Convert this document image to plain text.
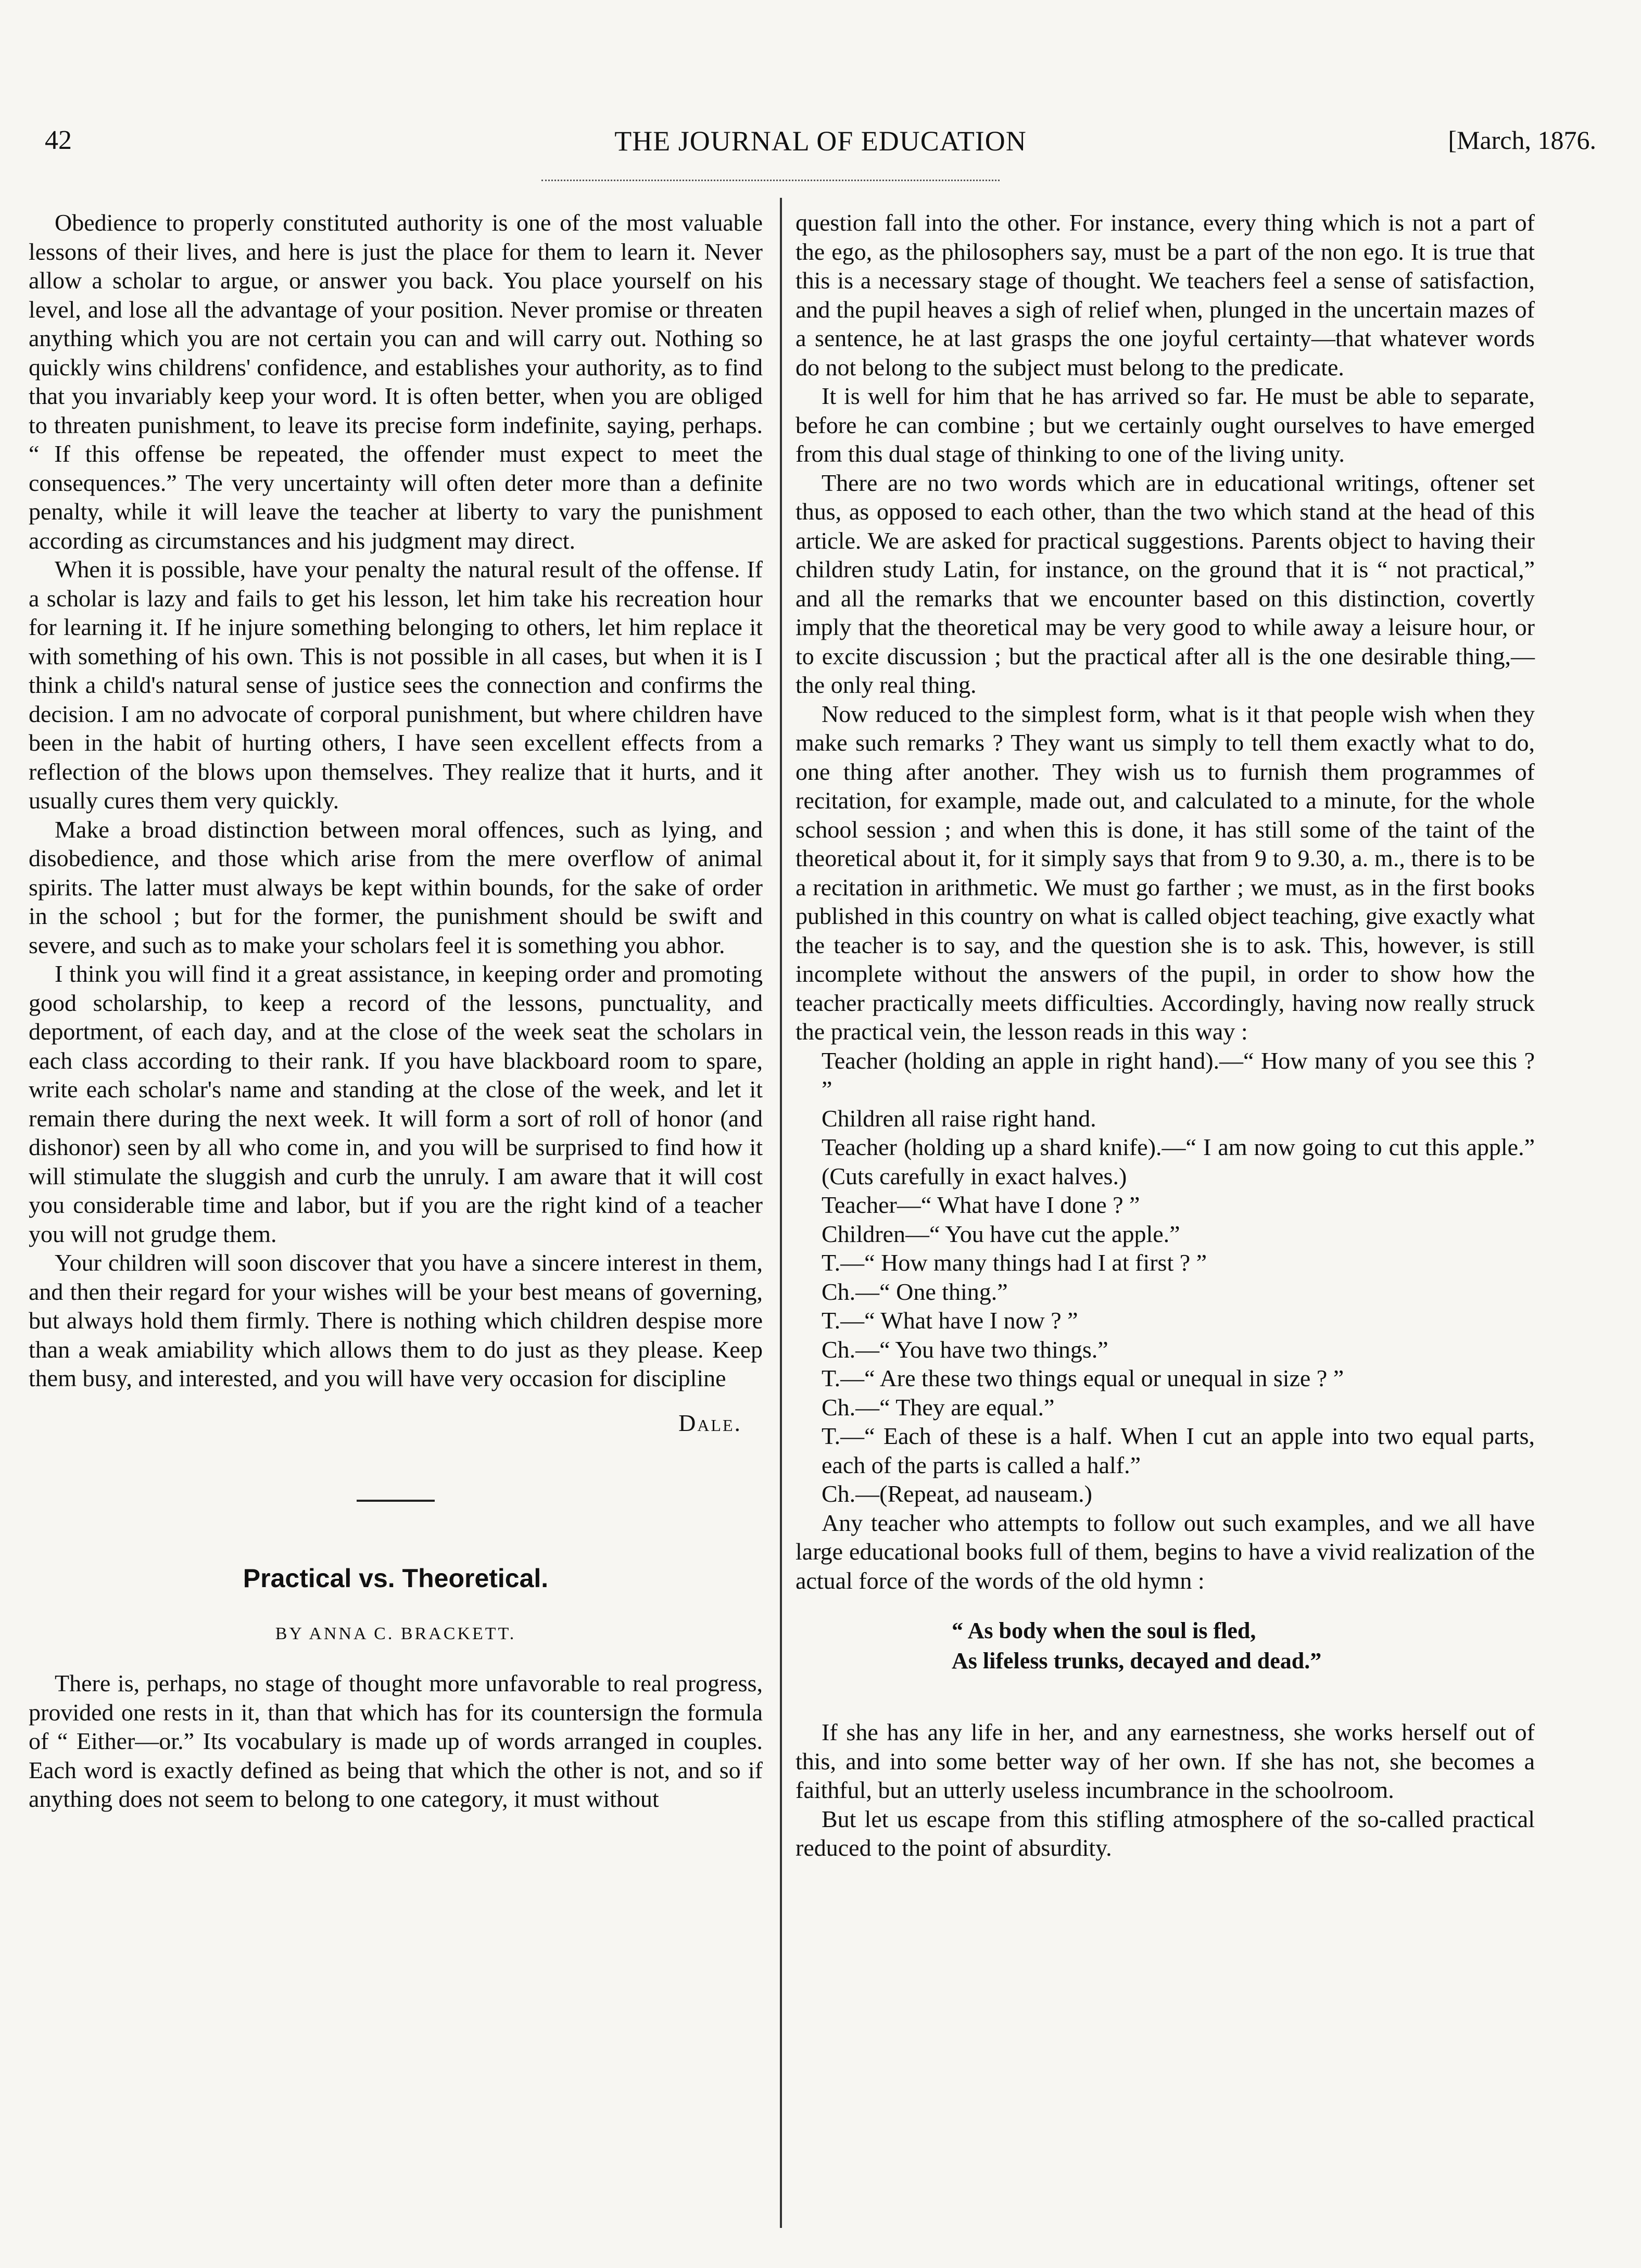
42	THE JOURNAL OF EDUCATION	[March, 1876.

Obedience to properly constituted authority is one of the most valuable lessons of their lives, and here is just the place for them to learn it. Never allow a scholar to argue, or answer you back. You place yourself on his level, and lose all the advantage of your position. Never promise or threaten anything which you are not certain you can and will carry out. Nothing so quickly wins childrens' confidence, and establishes your authority, as to find that you invariably keep your word. It is often better, when you are obliged to threaten punishment, to leave its precise form indefinite, saying, perhaps. “ If this offense be repeated, the offender must expect to meet the consequences.” The very uncertainty will often deter more than a definite penalty, while it will leave the teacher at liberty to vary the punishment according as circumstances and his judgment may direct.

When it is possible, have your penalty the natural result of the offense. If a scholar is lazy and fails to get his lesson, let him take his recreation hour for learning it. If he injure something belonging to others, let him replace it with something of his own. This is not possible in all cases, but when it is I think a child's natural sense of justice sees the connection and confirms the decision. I am no advocate of corporal punishment, but where children have been in the habit of hurting others, I have seen excellent effects from a reflection of the blows upon themselves. They realize that it hurts, and it usually cures them very quickly.

Make a broad distinction between moral offences, such as lying, and disobedience, and those which arise from the mere overflow of animal spirits. The latter must always be kept within bounds, for the sake of order in the school ; but for the former, the punishment should be swift and severe, and such as to make your scholars feel it is something you abhor.

I think you will find it a great assistance, in keeping order and promoting good scholarship, to keep a record of the lessons, punctuality, and deportment, of each day, and at the close of the week seat the scholars in each class according to their rank. If you have blackboard room to spare, write each scholar's name and standing at the close of the week, and let it remain there during the next week. It will form a sort of roll of honor (and dishonor) seen by all who come in, and you will be surprised to find how it will stimulate the sluggish and curb the unruly. I am aware that it will cost you considerable time and labor, but if you are the right kind of a teacher you will not grudge them.

Your children will soon discover that you have a sincere interest in them, and then their regard for your wishes will be your best means of governing, but always hold them firmly. There is nothing which children despise more than a weak amiability which allows them to do just as they please. Keep them busy, and interested, and you will have very occasion for discipline

Dale.
Practical vs. Theoretical.
BY ANNA C. BRACKETT.

There is, perhaps, no stage of thought more unfavorable to real progress, provided one rests in it, than that which has for its countersign the formula of “ Either—or.” Its vocabulary is made up of words arranged in couples. Each word is exactly defined as being that which the other is not, and so if anything does not seem to belong to one category, it must without

question fall into the other. For instance, every thing which is not a part of the ego, as the philosophers say, must be a part of the non ego. It is true that this is a necessary stage of thought. We teachers feel a sense of satisfaction, and the pupil heaves a sigh of relief when, plunged in the uncertain mazes of a sentence, he at last grasps the one joyful certainty—that whatever words do not belong to the subject must belong to the predicate.

It is well for him that he has arrived so far. He must be able to separate, before he can combine ; but we certainly ought ourselves to have emerged from this dual stage of thinking to one of the living unity.

There are no two words which are in educational writings, oftener set thus, as opposed to each other, than the two which stand at the head of this article. We are asked for practical suggestions. Parents object to having their children study Latin, for instance, on the ground that it is “ not practical,” and all the remarks that we encounter based on this distinction, covertly imply that the theoretical may be very good to while away a leisure hour, or to excite discussion ; but the practical after all is the one desirable thing,—the only real thing.

Now reduced to the simplest form, what is it that people wish when they make such remarks ? They want us simply to tell them exactly what to do, one thing after another. They wish us to furnish them programmes of recitation, for example, made out, and calculated to a minute, for the whole school session ; and when this is done, it has still some of the taint of the theoretical about it, for it simply says that from 9 to 9.30, a. m., there is to be a recitation in arithmetic. We must go farther ; we must, as in the first books published in this country on what is called object teaching, give exactly what the teacher is to say, and the question she is to ask. This, however, is still incomplete without the answers of the pupil, in order to show how the teacher practically meets difficulties. Accordingly, having now really struck the practical vein, the lesson reads in this way :

Teacher (holding an apple in right hand).—“ How many of you see this ? ”

Children all raise right hand.

Teacher (holding up a shard knife).—“ I am now going to cut this apple.” (Cuts carefully in exact halves.)

Teacher—“ What have I done ? ”

Children—“ You have cut the apple.”

T.—“ How many things had I at first ? ”

Ch.—“ One thing.”

T.—“ What have I now ? ”

Ch.—“ You have two things.”

T.—“ Are these two things equal or unequal in size ? ”

Ch.—“ They are equal.”

T.—“ Each of these is a half. When I cut an apple into two equal parts, each of the parts is called a half.”

Ch.—(Repeat, ad nauseam.)

Any teacher who attempts to follow out such examples, and we all have large educational books full of them, begins to have a vivid realization of the actual force of the words of the old hymn :

“ As body when the soul is fled,
As lifeless trunks, decayed and dead.”

If she has any life in her, and any earnestness, she works herself out of this, and into some better way of her own. If she has not, she becomes a faithful, but an utterly useless incumbrance in the schoolroom.

But let us escape from this stifling atmosphere of the so-called practical reduced to the point of absurdity.
